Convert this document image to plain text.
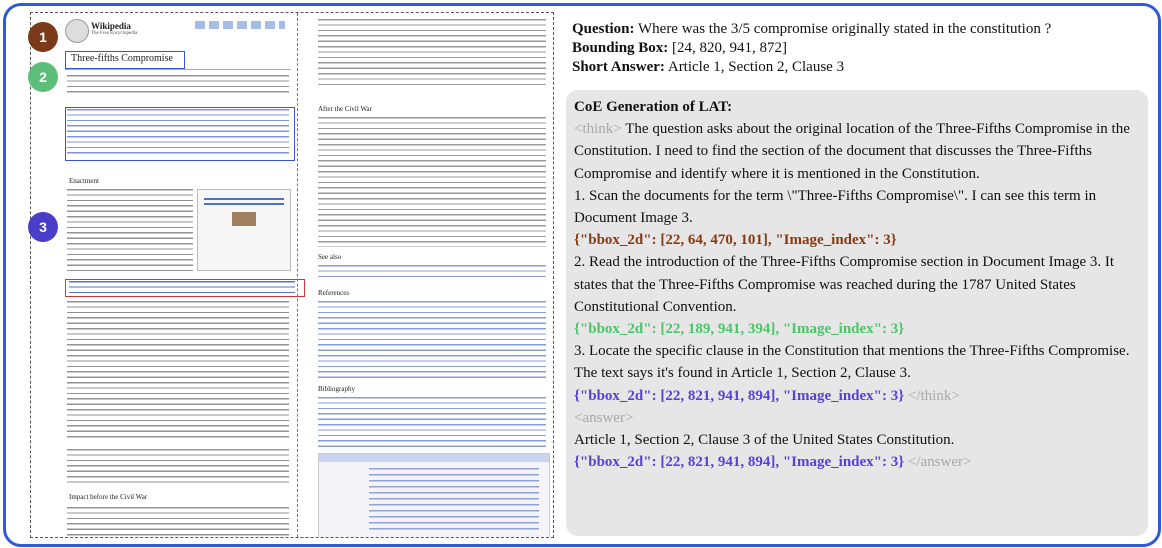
Wikipedia
The Free Encyclopedia
Three-fifths Compromise
Enactment
Impact before the Civil War
After the Civil War
See also
References
Bibliography
1
2
3
Question: Where was the 3/5 compromise originally stated in the constitution ?
Bounding Box: [24, 820, 941, 872]
Short Answer: Article 1, Section 2, Clause 3

CoE Generation of LAT:

<think> The question asks about the original location of the Three-Fifths Compromise in the Constitution. I need to find the section of the document that discusses the Three-Fifths Compromise and identify where it is mentioned in the Constitution.

1. Scan the documents for the term \"Three-Fifths Compromise\". I can see this term in Document Image 3.

{"bbox_2d": [22, 64, 470, 101], "Image_index": 3}

2. Read the introduction of the Three-Fifths Compromise section in Document Image 3. It states that the Three-Fifths Compromise was reached during the 1787 United States Constitutional Convention.

{"bbox_2d": [22, 189, 941, 394], "Image_index": 3}

3. Locate the specific clause in the Constitution that mentions the Three-Fifths Compromise. The text says it's found in Article 1, Section 2, Clause 3.

{"bbox_2d": [22, 821, 941, 894], "Image_index": 3} </think>

<answer>

Article 1, Section 2, Clause 3 of the United States Constitution.

{"bbox_2d": [22, 821, 941, 894], "Image_index": 3} </answer>
